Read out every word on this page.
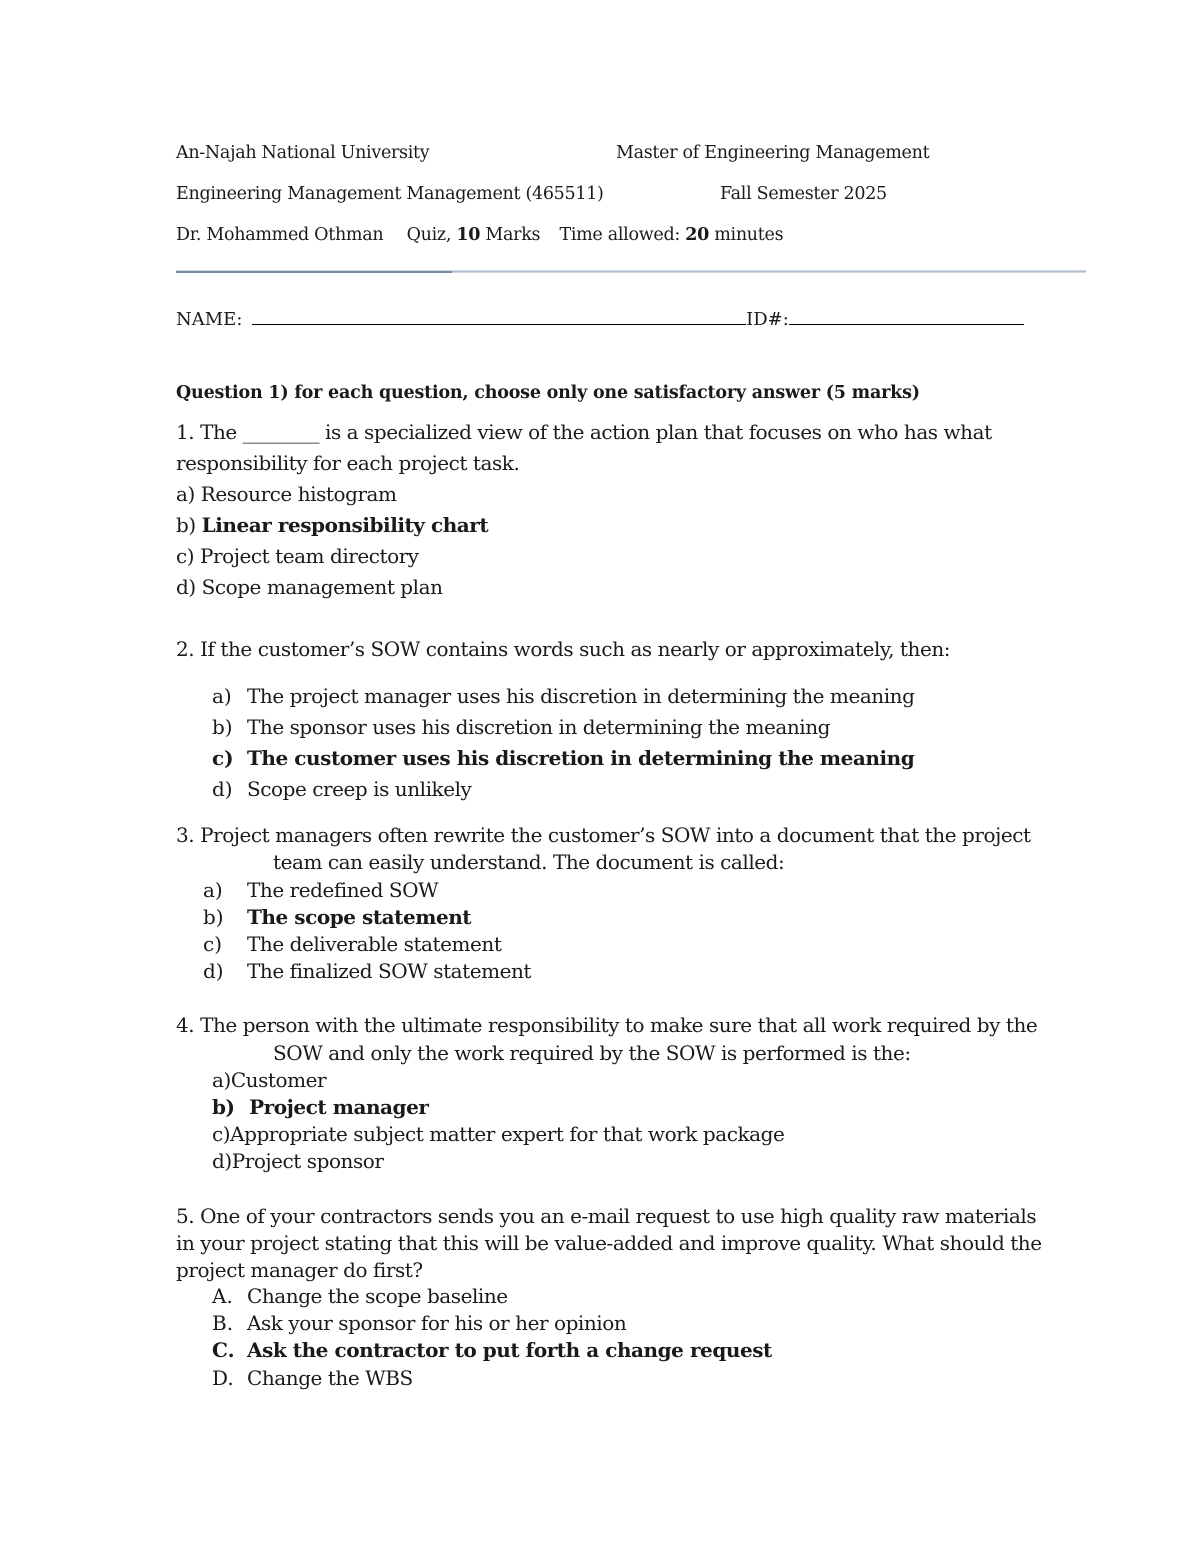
An-Najah National University	Master of Engineering Management
Engineering Management Management (465511)	Fall Semester 2025
Dr. Mohammed Othman Quiz, 10 Marks Time allowed: 20 minutes
NAME:	ID#:
Question 1) for each question, choose only one satisfactory answer (5 marks)
1. The ________ is a specialized view of the action plan that focuses on who has what
responsibility for each project task.
a) Resource histogram
b) Linear responsibility chart
c) Project team directory
d) Scope management plan
2. If the customer’s SOW contains words such as nearly or approximately, then:
a) The project manager uses his discretion in determining the meaning
b) The sponsor uses his discretion in determining the meaning
c) The customer uses his discretion in determining the meaning
d) Scope creep is unlikely
3. Project managers often rewrite the customer’s SOW into a document that the project
team can easily understand. The document is called:
a) The redefined SOW
b) The scope statement
c) The deliverable statement
d) The finalized SOW statement
4. The person with the ultimate responsibility to make sure that all work required by the
SOW and only the work required by the SOW is performed is the:
a)Customer
b) Project manager
c)Appropriate subject matter expert for that work package
d)Project sponsor
5. One of your contractors sends you an e-mail request to use high quality raw materials
in your project stating that this will be value-added and improve quality. What should the
project manager do first?
A. Change the scope baseline
B. Ask your sponsor for his or her opinion
C. Ask the contractor to put forth a change request
D. Change the WBS
